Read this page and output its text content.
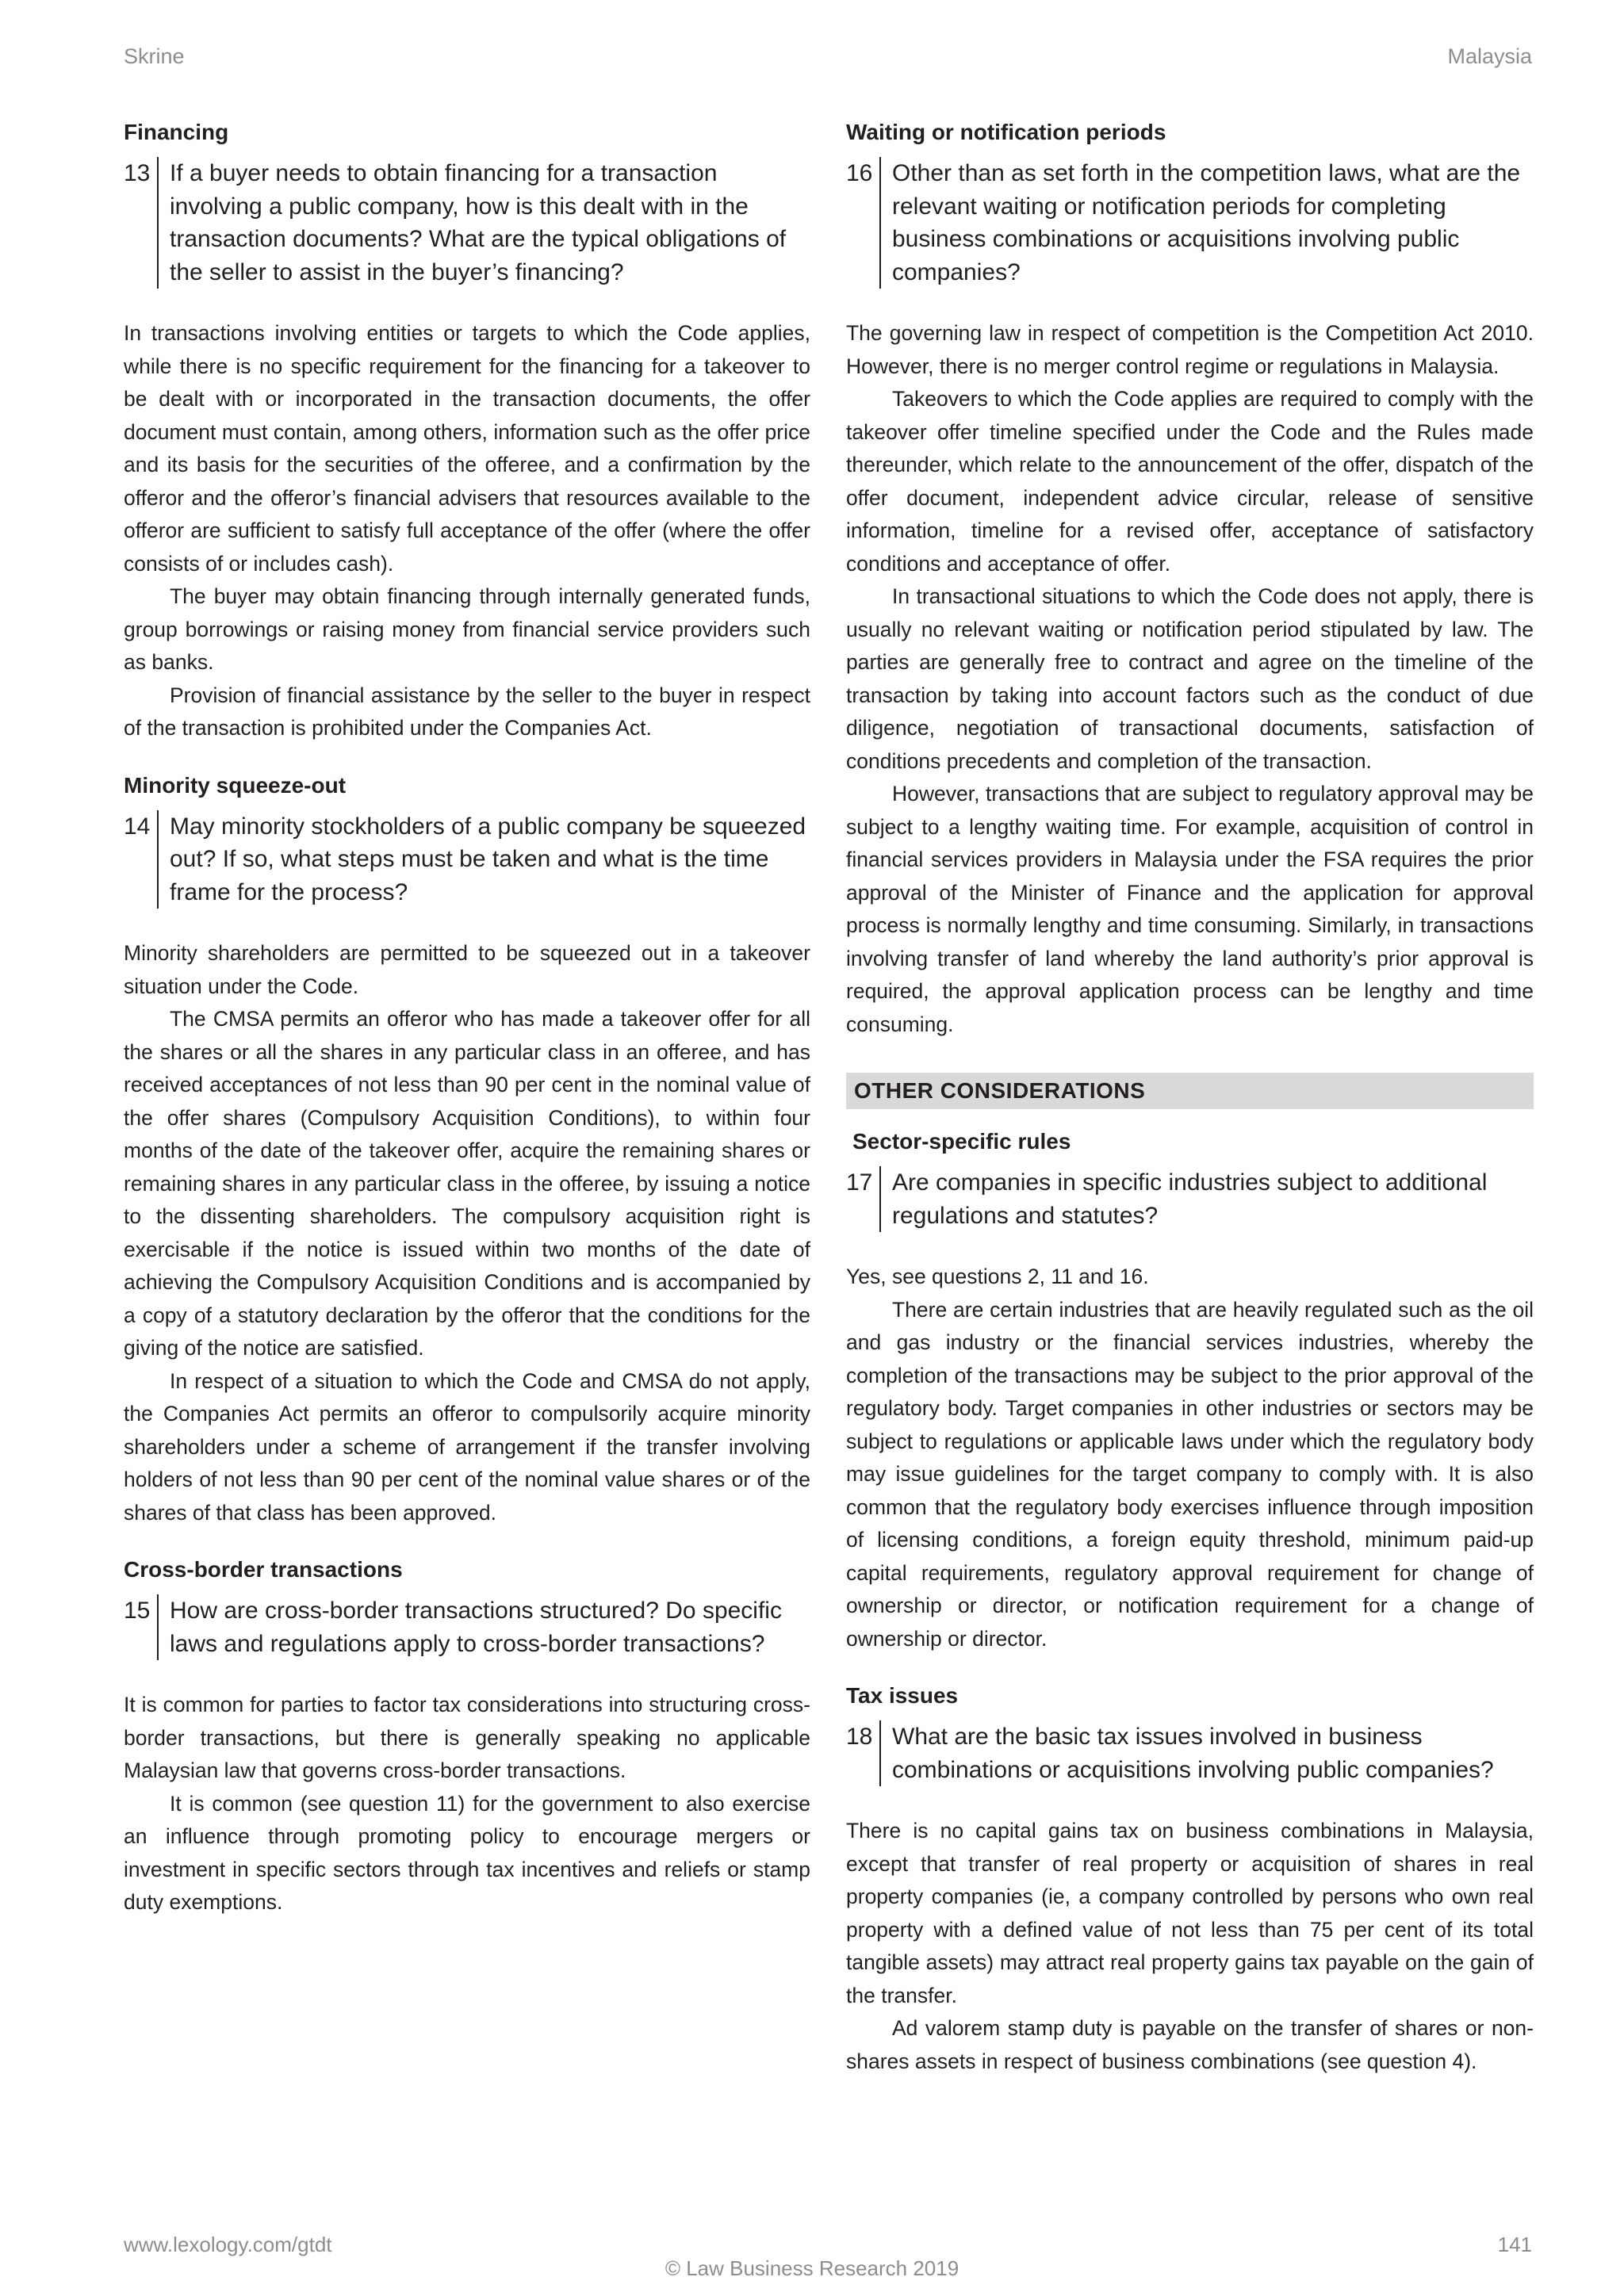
Skrine	Malaysia
Financing
13 If a buyer needs to obtain financing for a transaction involving a public company, how is this dealt with in the transaction documents? What are the typical obligations of the seller to assist in the buyer’s financing?

In transactions involving entities or targets to which the Code applies, while there is no specific requirement for the financing for a takeover to be dealt with or incorporated in the transaction documents, the offer document must contain, among others, information such as the offer price and its basis for the securities of the offeree, and a confirmation by the offeror and the offeror’s financial advisers that resources available to the offeror are sufficient to satisfy full acceptance of the offer (where the offer consists of or includes cash).

The buyer may obtain financing through internally generated funds, group borrowings or raising money from financial service providers such as banks.

Provision of financial assistance by the seller to the buyer in respect of the transaction is prohibited under the Companies Act.

Minority squeeze-out
14 May minority stockholders of a public company be squeezed out? If so, what steps must be taken and what is the time frame for the process?

Minority shareholders are permitted to be squeezed out in a takeover situation under the Code.

The CMSA permits an offeror who has made a takeover offer for all the shares or all the shares in any particular class in an offeree, and has received acceptances of not less than 90 per cent in the nominal value of the offer shares (Compulsory Acquisition Conditions), to within four months of the date of the takeover offer, acquire the remaining shares or remaining shares in any particular class in the offeree, by issuing a notice to the dissenting shareholders. The compulsory acquisition right is exercisable if the notice is issued within two months of the date of achieving the Compulsory Acquisition Conditions and is accompanied by a copy of a statutory declaration by the offeror that the conditions for the giving of the notice are satisfied.

In respect of a situation to which the Code and CMSA do not apply, the Companies Act permits an offeror to compulsorily acquire minority shareholders under a scheme of arrangement if the transfer involving holders of not less than 90 per cent of the nominal value shares or of the shares of that class has been approved.

Cross-border transactions
15 How are cross-border transactions structured? Do specific laws and regulations apply to cross-border transactions?

It is common for parties to factor tax considerations into structuring cross-border transactions, but there is generally speaking no applicable Malaysian law that governs cross-border transactions.

It is common (see question 11) for the government to also exercise an influence through promoting policy to encourage mergers or investment in specific sectors through tax incentives and reliefs or stamp duty exemptions.

Waiting or notification periods
16 Other than as set forth in the competition laws, what are the relevant waiting or notification periods for completing business combinations or acquisitions involving public companies?

The governing law in respect of competition is the Competition Act 2010. However, there is no merger control regime or regulations in Malaysia.

Takeovers to which the Code applies are required to comply with the takeover offer timeline specified under the Code and the Rules made thereunder, which relate to the announcement of the offer, dispatch of the offer document, independent advice circular, release of sensitive information, timeline for a revised offer, acceptance of satisfactory conditions and acceptance of offer.

In transactional situations to which the Code does not apply, there is usually no relevant waiting or notification period stipulated by law. The parties are generally free to contract and agree on the timeline of the transaction by taking into account factors such as the conduct of due diligence, negotiation of transactional documents, satisfaction of conditions precedents and completion of the transaction.

However, transactions that are subject to regulatory approval may be subject to a lengthy waiting time. For example, acquisition of control in financial services providers in Malaysia under the FSA requires the prior approval of the Minister of Finance and the application for approval process is normally lengthy and time consuming. Similarly, in transactions involving transfer of land whereby the land authority’s prior approval is required, the approval application process can be lengthy and time consuming.

OTHER CONSIDERATIONS
Sector-specific rules
17 Are companies in specific industries subject to additional regulations and statutes?

Yes, see questions 2, 11 and 16.

There are certain industries that are heavily regulated such as the oil and gas industry or the financial services industries, whereby the completion of the transactions may be subject to the prior approval of the regulatory body. Target companies in other industries or sectors may be subject to regulations or applicable laws under which the regulatory body may issue guidelines for the target company to comply with. It is also common that the regulatory body exercises influence through imposition of licensing conditions, a foreign equity threshold, minimum paid-up capital requirements, regulatory approval requirement for change of ownership or director, or notification requirement for a change of ownership or director.

Tax issues
18 What are the basic tax issues involved in business combinations or acquisitions involving public companies?

There is no capital gains tax on business combinations in Malaysia, except that transfer of real property or acquisition of shares in real property companies (ie, a company controlled by persons who own real property with a defined value of not less than 75 per cent of its total tangible assets) may attract real property gains tax payable on the gain of the transfer.

Ad valorem stamp duty is payable on the transfer of shares or non-shares assets in respect of business combinations (see question 4).

www.lexology.com/gtdt	141
© Law Business Research 2019
